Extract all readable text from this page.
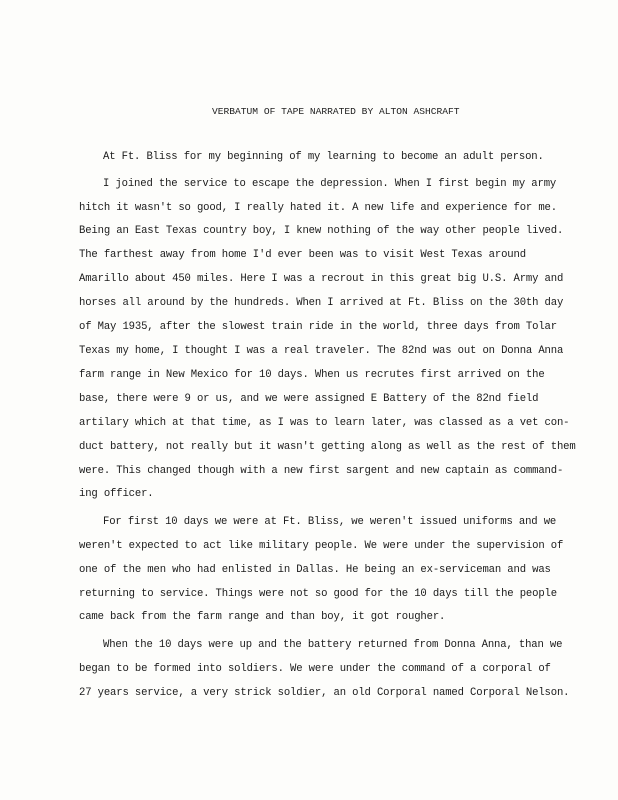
VERBATUM OF TAPE NARRATED BY ALTON ASHCRAFT
At Ft. Bliss for my beginning of my learning to become an adult person.
I joined the service to escape the depression. When I first begin my army
hitch it wasn't so good, I really hated it. A new life and experience for me.
Being an East Texas country boy, I knew nothing of the way other people lived.
The farthest away from home I'd ever been was to visit West Texas around
Amarillo about 450 miles. Here I was a recrout in this great big U.S. Army and
horses all around by the hundreds. When I arrived at Ft. Bliss on the 30th day
of May 1935, after the slowest train ride in the world, three days from Tolar
Texas my home, I thought I was a real traveler. The 82nd was out on Donna Anna
farm range in New Mexico for 10 days. When us recrutes first arrived on the
base, there were 9 or us, and we were assigned E Battery of the 82nd field
artilary which at that time, as I was to learn later, was classed as a vet con-
duct battery, not really but it wasn't getting along as well as the rest of them
were. This changed though with a new first sargent and new captain as command-
ing officer.
For first 10 days we were at Ft. Bliss, we weren't issued uniforms and we
weren't expected to act like military people. We were under the supervision of
one of the men who had enlisted in Dallas. He being an ex-serviceman and was
returning to service. Things were not so good for the 10 days till the people
came back from the farm range and than boy, it got rougher.
When the 10 days were up and the battery returned from Donna Anna, than we
began to be formed into soldiers. We were under the command of a corporal of
27 years service, a very strick soldier, an old Corporal named Corporal Nelson.
